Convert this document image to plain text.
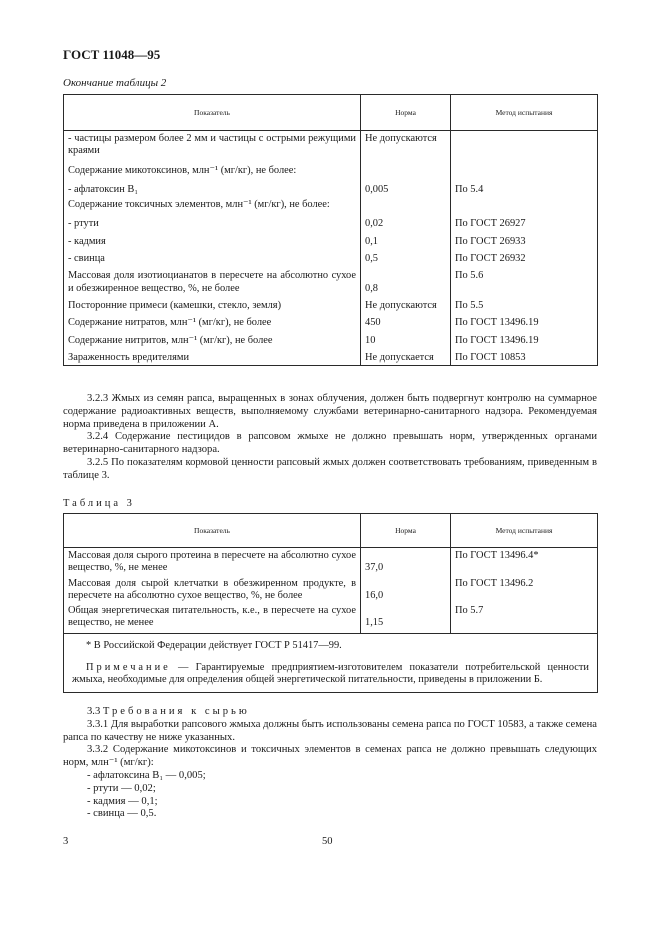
ГОСТ 11048—95
Окончание таблицы 2
Показатель	Норма	Метод испытания

- частицы размером более 2 мм и частицы с острыми режущими краями	Не допускаются	
Содержание микотоксинов, млн⁻¹ (мг/кг), не более:		
- афлатоксин B₁	0,005	По 5.4
Содержание токсичных элементов, млн⁻¹ (мг/кг), не более:		
- ртути	0,02	По ГОСТ 26927
- кадмия	0,1	По ГОСТ 26933
- свинца	0,5	По ГОСТ 26932

Массовая доля изотиоцианатов в пересчете на абсолютно сухое и обезжиренное вещество, %, не более	0,8	По 5.6
Посторонние примеси (камешки, стекло, земля)	Не допускаются	По 5.5
Содержание нитратов, млн⁻¹ (мг/кг), не более	450	По ГОСТ 13496.19
Содержание нитритов, млн⁻¹ (мг/кг), не более	10	По ГОСТ 13496.19
Зараженность вредителями	Не допускается	По ГОСТ 10853

3.2.3 Жмых из семян рапса, выращенных в зонах облучения, должен быть подвергнут контролю на суммарное содержание радиоактивных веществ, выполняемому службами ветеринарно-санитарного надзора. Рекомендуемая норма приведена в приложении А.

3.2.4 Содержание пестицидов в рапсовом жмыхе не должно превышать норм, утвержденных органами ветеринарно-санитарного надзора.

3.2.5 По показателям кормовой ценности рапсовый жмых должен соответствовать требованиям, приведенным в таблице 3.

Таблица 3
Показатель	Норма	Метод испытания

Массовая доля сырого протеина в пересчете на абсолютно сухое вещество, %, не менее	37,0	По ГОСТ 13496.4*

Массовая доля сырой клетчатки в обезжиренном продукте, в пересчете на абсолютно сухое вещество, %, не более	16,0	По ГОСТ 13496.2

Общая энергетическая питательность, к.е., в пересчете на сухое вещество, не менее	1,15	По 5.7

* В Российской Федерации действует ГОСТ Р 51417—99.		

Примечание — Гарантируемые предприятием-изготовителем показатели потребительской ценности жмыха, необходимые для определения общей энергетической питательности, приведены в приложении Б.		

3.3 Требования к сырью

3.3.1 Для выработки рапсового жмыха должны быть использованы семена рапса по ГОСТ 10583, а также семена рапса по качеству не ниже указанных.

3.3.2 Содержание микотоксинов и токсичных элементов в семенах рапса не должно превышать следующих норм, млн⁻¹ (мг/кг):

- афлатоксина B₁ — 0,005;
- ртути — 0,02;
- кадмия — 0,1;
- свинца — 0,5.
3	50
